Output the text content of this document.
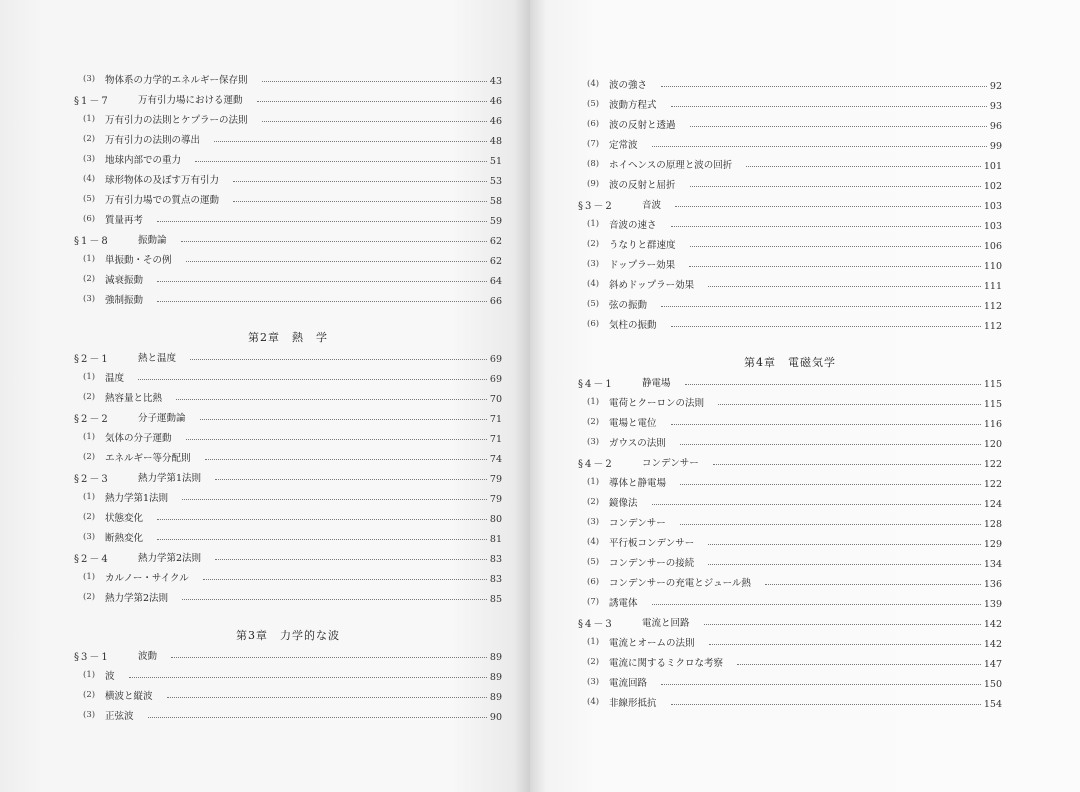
(3)	物体系の力学的エネルギー保存則	43
§1－7	万有引力場における運動	46
(1)	万有引力の法則とケプラーの法則	46
(2)	万有引力の法則の導出	48
(3)	地球内部での重力	51
(4)	球形物体の及ぼす万有引力	53
(5)	万有引力場での質点の運動	58
(6)	質量再考	59
§1－8	振動論	62
(1)	単振動・その例	62
(2)	減衰振動	64
(3)	強制振動	66
第2章　熱　学
§2－1	熱と温度	69
(1)	温度	69
(2)	熱容量と比熱	70
§2－2	分子運動論	71
(1)	気体の分子運動	71
(2)	エネルギー等分配則	74
§2－3	熱力学第1法則	79
(1)	熱力学第1法則	79
(2)	状態変化	80
(3)	断熱変化	81
§2－4	熱力学第2法則	83
(1)	カルノー・サイクル	83
(2)	熱力学第2法則	85
第3章　力学的な波
§3－1	波動	89
(1)	波	89
(2)	横波と縦波	89
(3)	正弦波	90
(4)	波の強さ	92
(5)	波動方程式	93
(6)	波の反射と透過	96
(7)	定常波	99
(8)	ホイヘンスの原理と波の回折	101
(9)	波の反射と屈折	102
§3－2	音波	103
(1)	音波の速さ	103
(2)	うなりと群速度	106
(3)	ドップラー効果	110
(4)	斜めドップラー効果	111
(5)	弦の振動	112
(6)	気柱の振動	112
第4章　電磁気学
§4－1	静電場	115
(1)	電荷とクーロンの法則	115
(2)	電場と電位	116
(3)	ガウスの法則	120
§4－2	コンデンサー	122
(1)	導体と静電場	122
(2)	鏡像法	124
(3)	コンデンサー	128
(4)	平行板コンデンサー	129
(5)	コンデンサーの接続	134
(6)	コンデンサーの充電とジュール熱	136
(7)	誘電体	139
§4－3	電流と回路	142
(1)	電流とオームの法則	142
(2)	電流に関するミクロな考察	147
(3)	電流回路	150
(4)	非線形抵抗	154
